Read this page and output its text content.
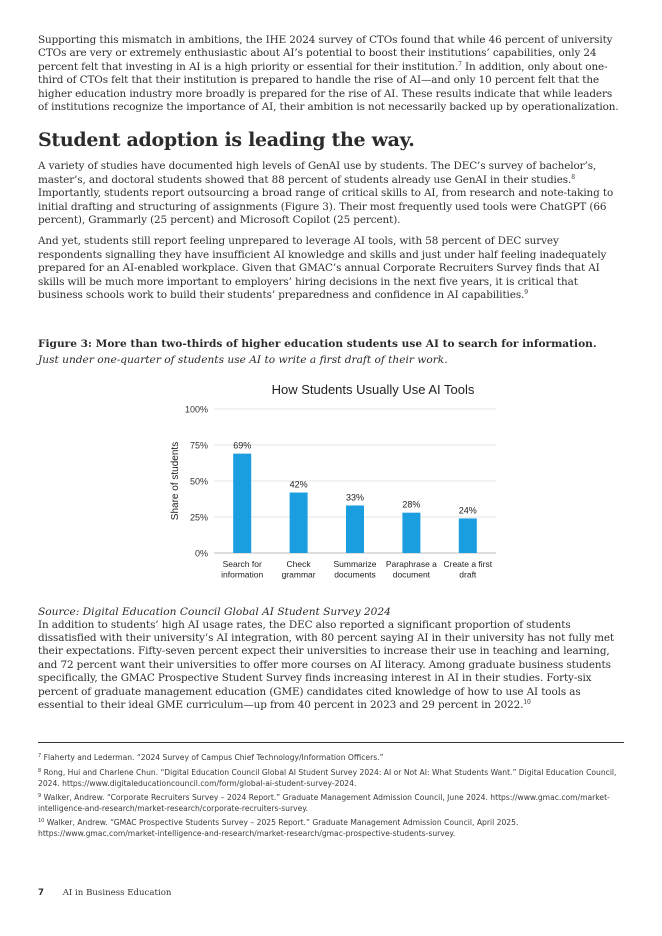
Supporting this mismatch in ambitions, the IHE 2024 survey of CTOs found that while 46 percent of university CTOs are very or extremely enthusiastic about AI’s potential to boost their institutions’ capabilities, only 24 percent felt that investing in AI is a high priority or essential for their institution.$^7$ In addition, only about one-third of CTOs felt that their institution is prepared to handle the rise of AI—and only 10 percent felt that the higher education industry more broadly is prepared for the rise of AI. These results indicate that while leaders of institutions recognize the importance of AI, their ambition is not necessarily backed up by operationalization.

Student adoption is leading the way.

A variety of studies have documented high levels of GenAI use by students. The DEC’s survey of bachelor’s, master’s, and doctoral students showed that 88 percent of students already use GenAI in their studies.$^8$ Importantly, students report outsourcing a broad range of critical skills to AI, from research and note-taking to initial drafting and structuring of assignments (Figure 3). Their most frequently used tools were ChatGPT (66 percent), Grammarly (25 percent) and Microsoft Copilot (25 percent).

And yet, students still report feeling unprepared to leverage AI tools, with 58 percent of DEC survey respondents signalling they have insufficient AI knowledge and skills and just under half feeling inadequately prepared for an AI-enabled workplace. Given that GMAC’s annual Corporate Recruiters Survey finds that AI skills will be much more important to employers’ hiring decisions in the next five years, it is critical that business schools work to build their students’ preparedness and confidence in AI capabilities.$^9$

Figure 3: More than two-thirds of higher education students use AI to search for information.
Just under one-quarter of students use AI to write a first draft of their work.
How Students Usually Use AI Tools
0%
25%
50%
75%
100%
Share of students	69%
Search for
information
42%
Check
grammar
33%
Summarize
documents
28%
Paraphrase a
document
24%
Create a first
draft
Source: Digital Education Council Global AI Student Survey 2024

In addition to students’ high AI usage rates, the DEC also reported a significant proportion of students dissatisfied with their university’s AI integration, with 80 percent saying AI in their university has not fully met their expectations. Fifty-seven percent expect their universities to increase their use in teaching and learning, and 72 percent want their universities to offer more courses on AI literacy. Among graduate business students specifically, the GMAC Prospective Student Survey finds increasing interest in AI in their studies. Forty-six percent of graduate management education (GME) candidates cited knowledge of how to use AI tools as essential to their ideal GME curriculum—up from 40 percent in 2023 and 29 percent in 2022.10

$^7$ Flaherty and Lederman. “2024 Survey of Campus Chief Technology/Information Officers.”

$^8$ Rong, Hui and Charlene Chun. “Digital Education Council Global AI Student Survey 2024: AI or Not AI: What Students Want.” Digital Education Council, 2024. https://www.digitaleducationcouncil.com/form/global-ai-student-survey-2024.

$^9$ Walker, Andrew. “Corporate Recruiters Survey – 2024 Report.” Graduate Management Admission Council, June 2024. https://www.gmac.com/market-intelligence-and-research/market-research/corporate-recruiters-survey.

$^{10}$ Walker, Andrew. “GMAC Prospective Students Survey – 2025 Report.” Graduate Management Admission Council, April 2025. https://www.gmac.com/market-intelligence-and-research/market-research/gmac-prospective-students-survey.

7 AI in Business Education
